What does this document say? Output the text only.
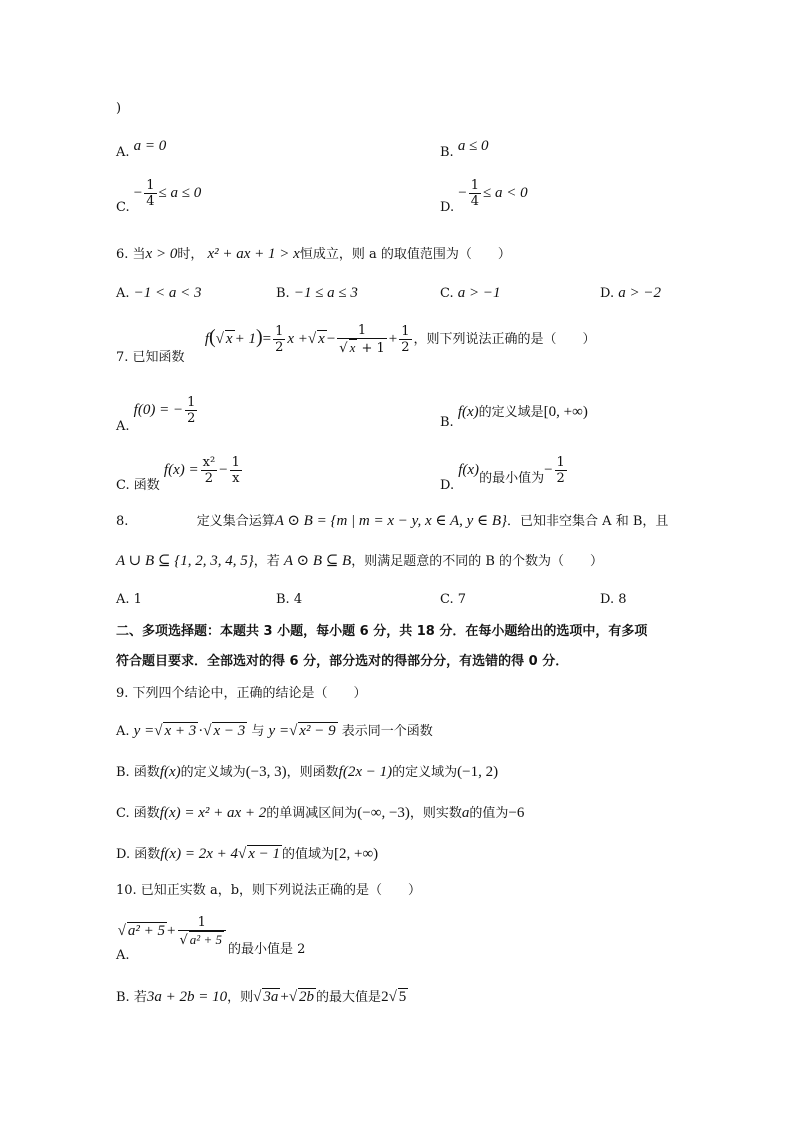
)
A. a = 0	B. a ≤ 0
C. − $\frac{1}{4} \le a \le 0$
D. − $\frac{1}{4} \le a < 0$
6. 当x > 0时， x² + ax + 1 > x恒成立，则 a 的取值范围为（　　）
A. −1 < a < 3	B. −1 ≤ a ≤ 3	C. a > −1	D. a > −2
7. 已知函数  f(√ $x + 1)= \frac{1}{2}$ x +√ $x - \frac{1}{√ x + 1} + \frac{1}{2}$ ，则下列说法正确的是（　　）
A. f(0) = − $\frac{1}{2}$	B. f(x)的定义域是[0, +∞)
C. 函数 $f(x) = \frac{\text{x²}}{2} - \frac{1}{x}$	D. f(x)的最小值为− $\frac{1}{2}$
8.	定义集合运算A ⊙ B = {m | m = x − y, x ∈ A, y ∈ B}．已知非空集合 A 和 B，且
A ∪ B ⊆ {1, 2, 3, 4, 5}，若 A ⊙ B ⊆ B，则满足题意的不同的 B 的个数为（　　）
A. 1	B. 4	C. 7	D. 8
二、多项选择题：本题共 3 小题，每小题 6 分，共 18 分．在每小题给出的选项中，有多项
符合题目要求．全部选对的得 6 分，部分选对的得部分分，有选错的得 0 分．
9. 下列四个结论中，正确的结论是（　　）
A. y =√ x + 3 ·√ x − 3 与 y =√ x² − 9 表示同一个函数
B. 函数f(x)的定义域为(−3, 3)，则函数f(2x − 1)的定义域为(−1, 2)
C. 函数f(x) = x² + ax + 2的单调减区间为(−∞, −3)，则实数a的值为−6
D. 函数f(x) = 2x + 4√ x − 1 的值域为[2, +∞)
10. 已知正实数 a，b，则下列说法正确的是（　　）
A. √ $a^2 + 5 + \frac{1}{\text{√ a² + 5}}$
的最小值是 2
B. 若3a + 2b = 10，则√ 3a +√ 2b 的最大值是2√ 5
